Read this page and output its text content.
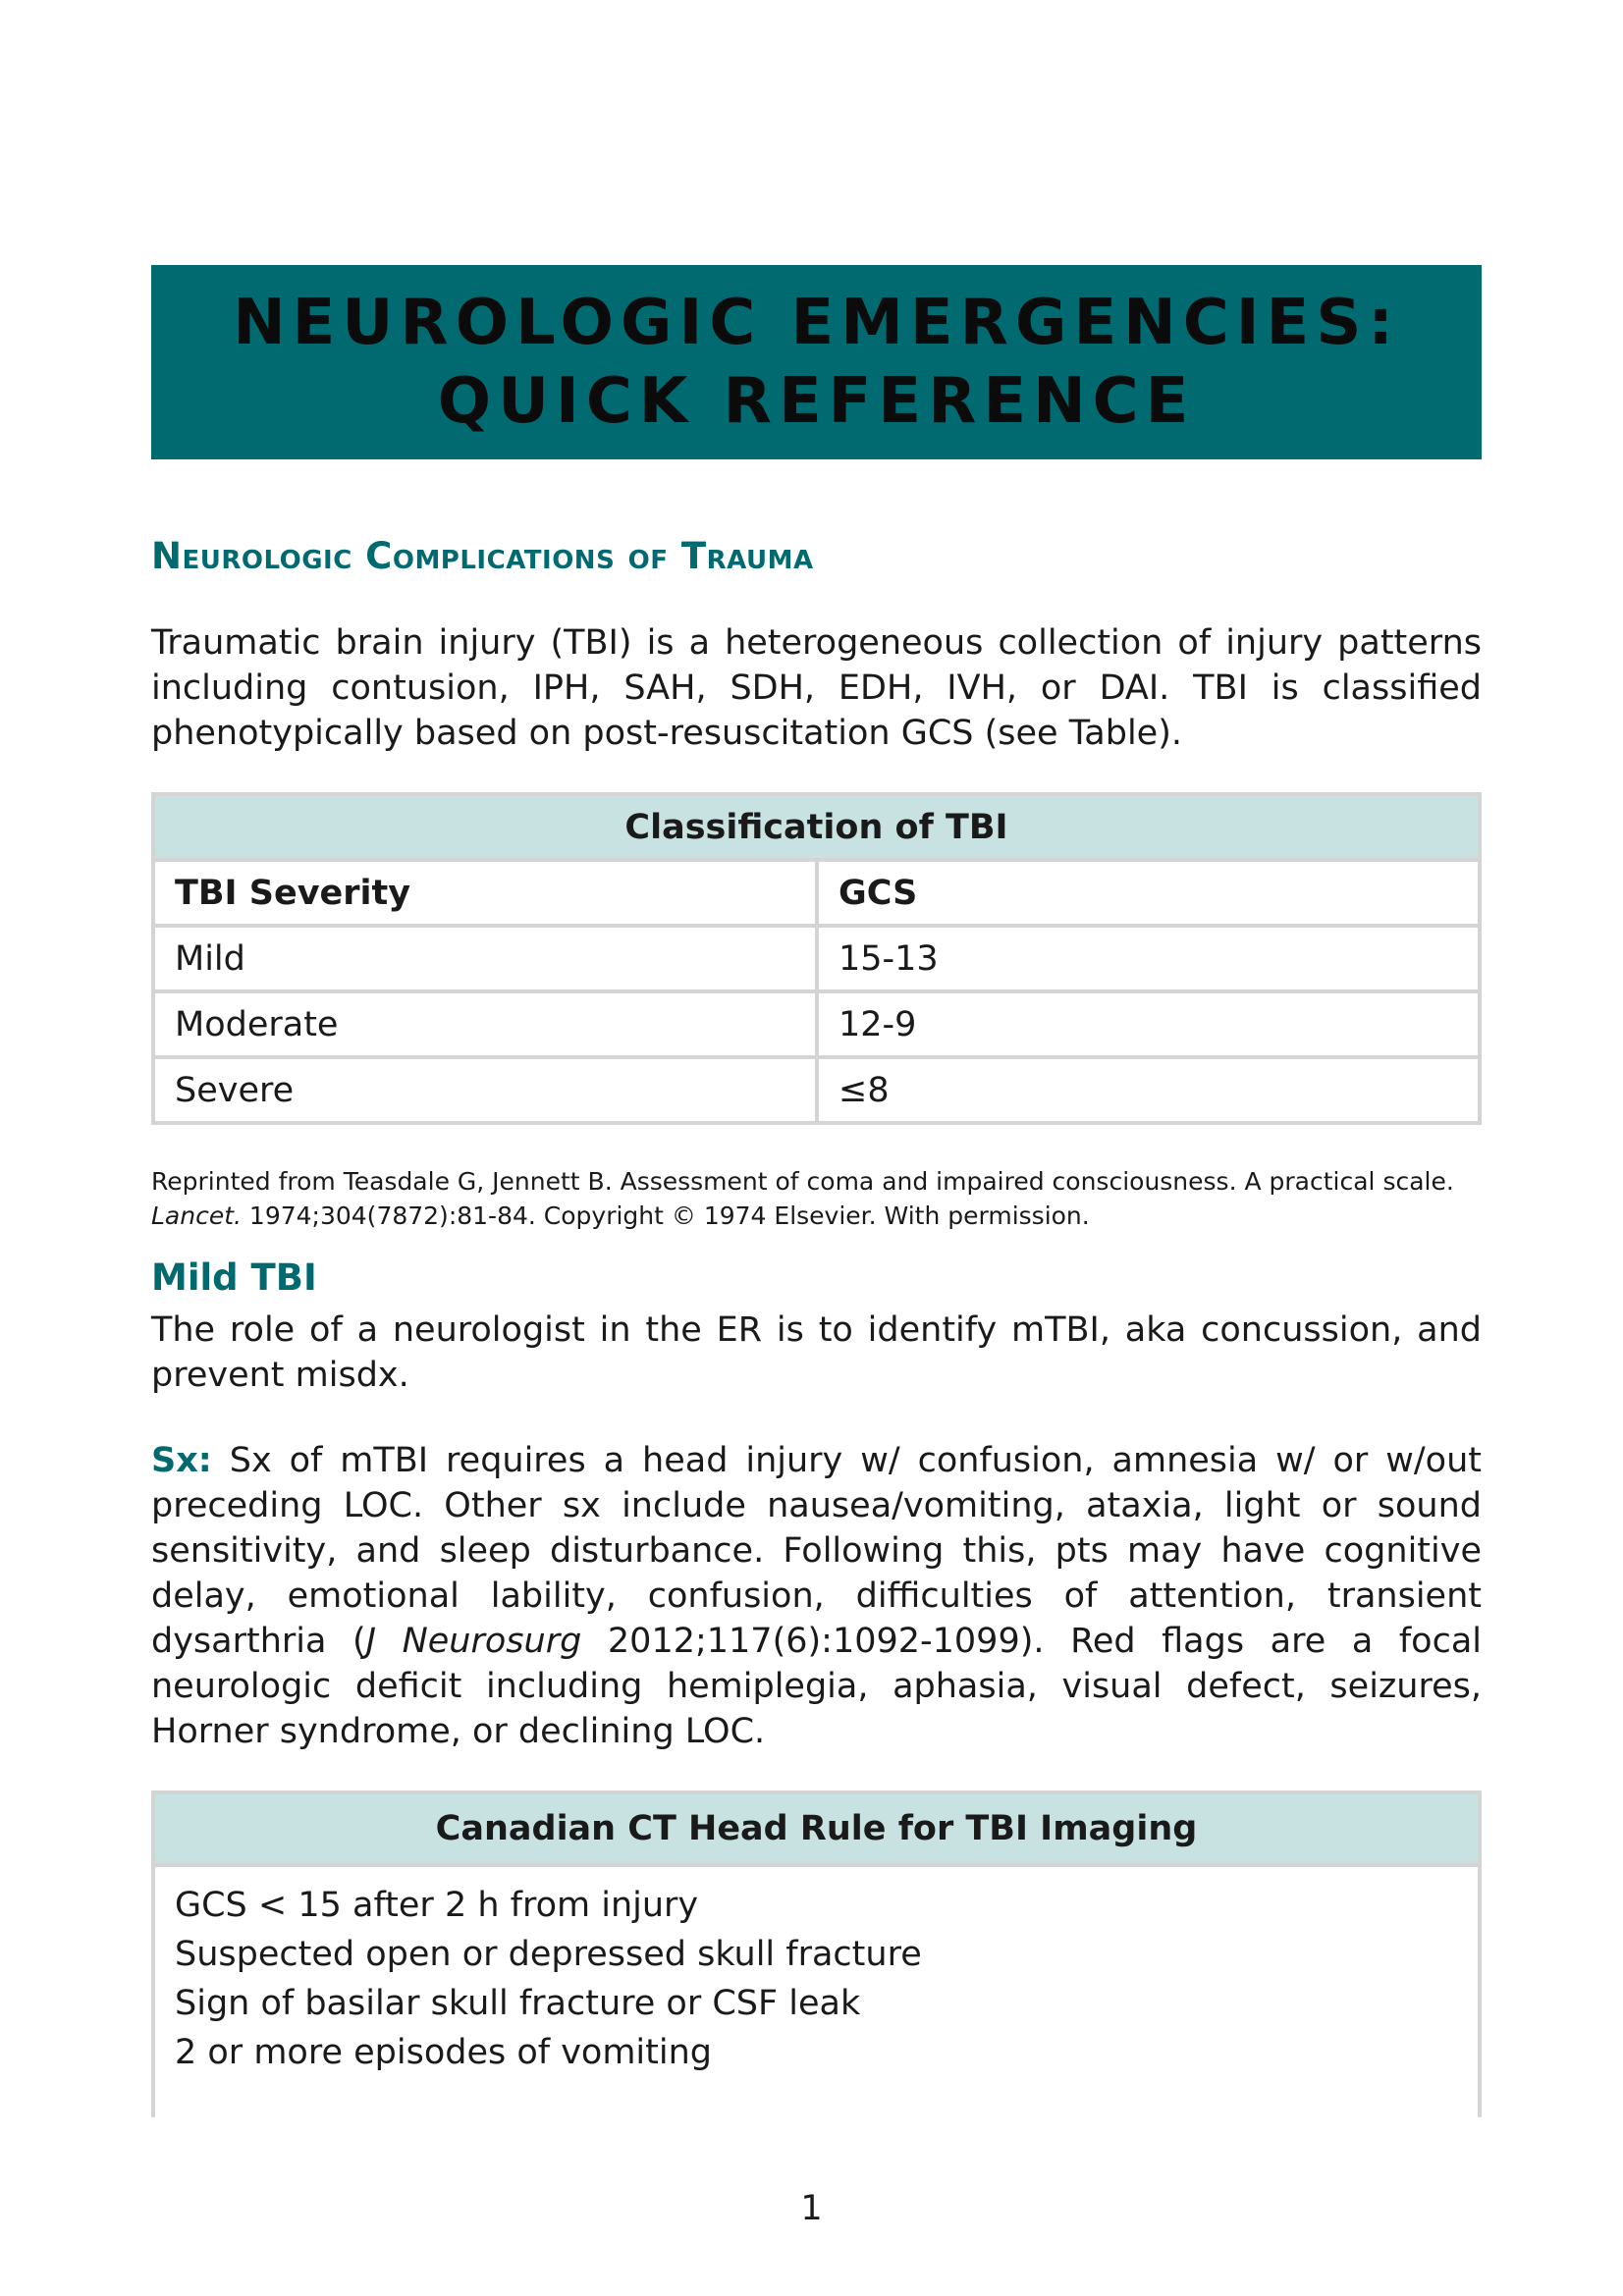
NEUROLOGIC EMERGENCIES:
QUICK REFERENCE
Neurologic Complications of Trauma
Traumatic brain injury (TBI) is a heterogeneous collection of injury patterns including contusion, IPH, SAH, SDH, EDH, IVH, or DAI. TBI is classified phenotypically based on post-resuscitation GCS (see Table).
Classification of TBI	
TBI Severity	GCS
Mild	15-13
Moderate	12-9
Severe	≤8
Reprinted from Teasdale G, Jennett B. Assessment of coma and impaired consciousness. A practical scale.
Lancet. 1974;304(7872):81-84. Copyright © 1974 Elsevier. With permission.
Mild TBI
The role of a neurologist in the ER is to identify mTBI, aka concussion, and prevent misdx.
Sx: Sx of mTBI requires a head injury w/ confusion, amnesia w/ or w/out preceding LOC. Other sx include nausea/vomiting, ataxia, light or sound sensitivity, and sleep disturbance. Following this, pts may have cognitive delay, emotional lability, confusion, difficulties of attention, transient dysarthria (J Neurosurg 2012;117(6):1092-1099). Red flags are a focal neurologic deficit including hemiplegia, aphasia, visual defect, seizures, Horner syndrome, or declining LOC.
Canadian CT Head Rule for TBI Imaging
GCS < 15 after 2 h from injury
Suspected open or depressed skull fracture
Sign of basilar skull fracture or CSF leak
2 or more episodes of vomiting
1
